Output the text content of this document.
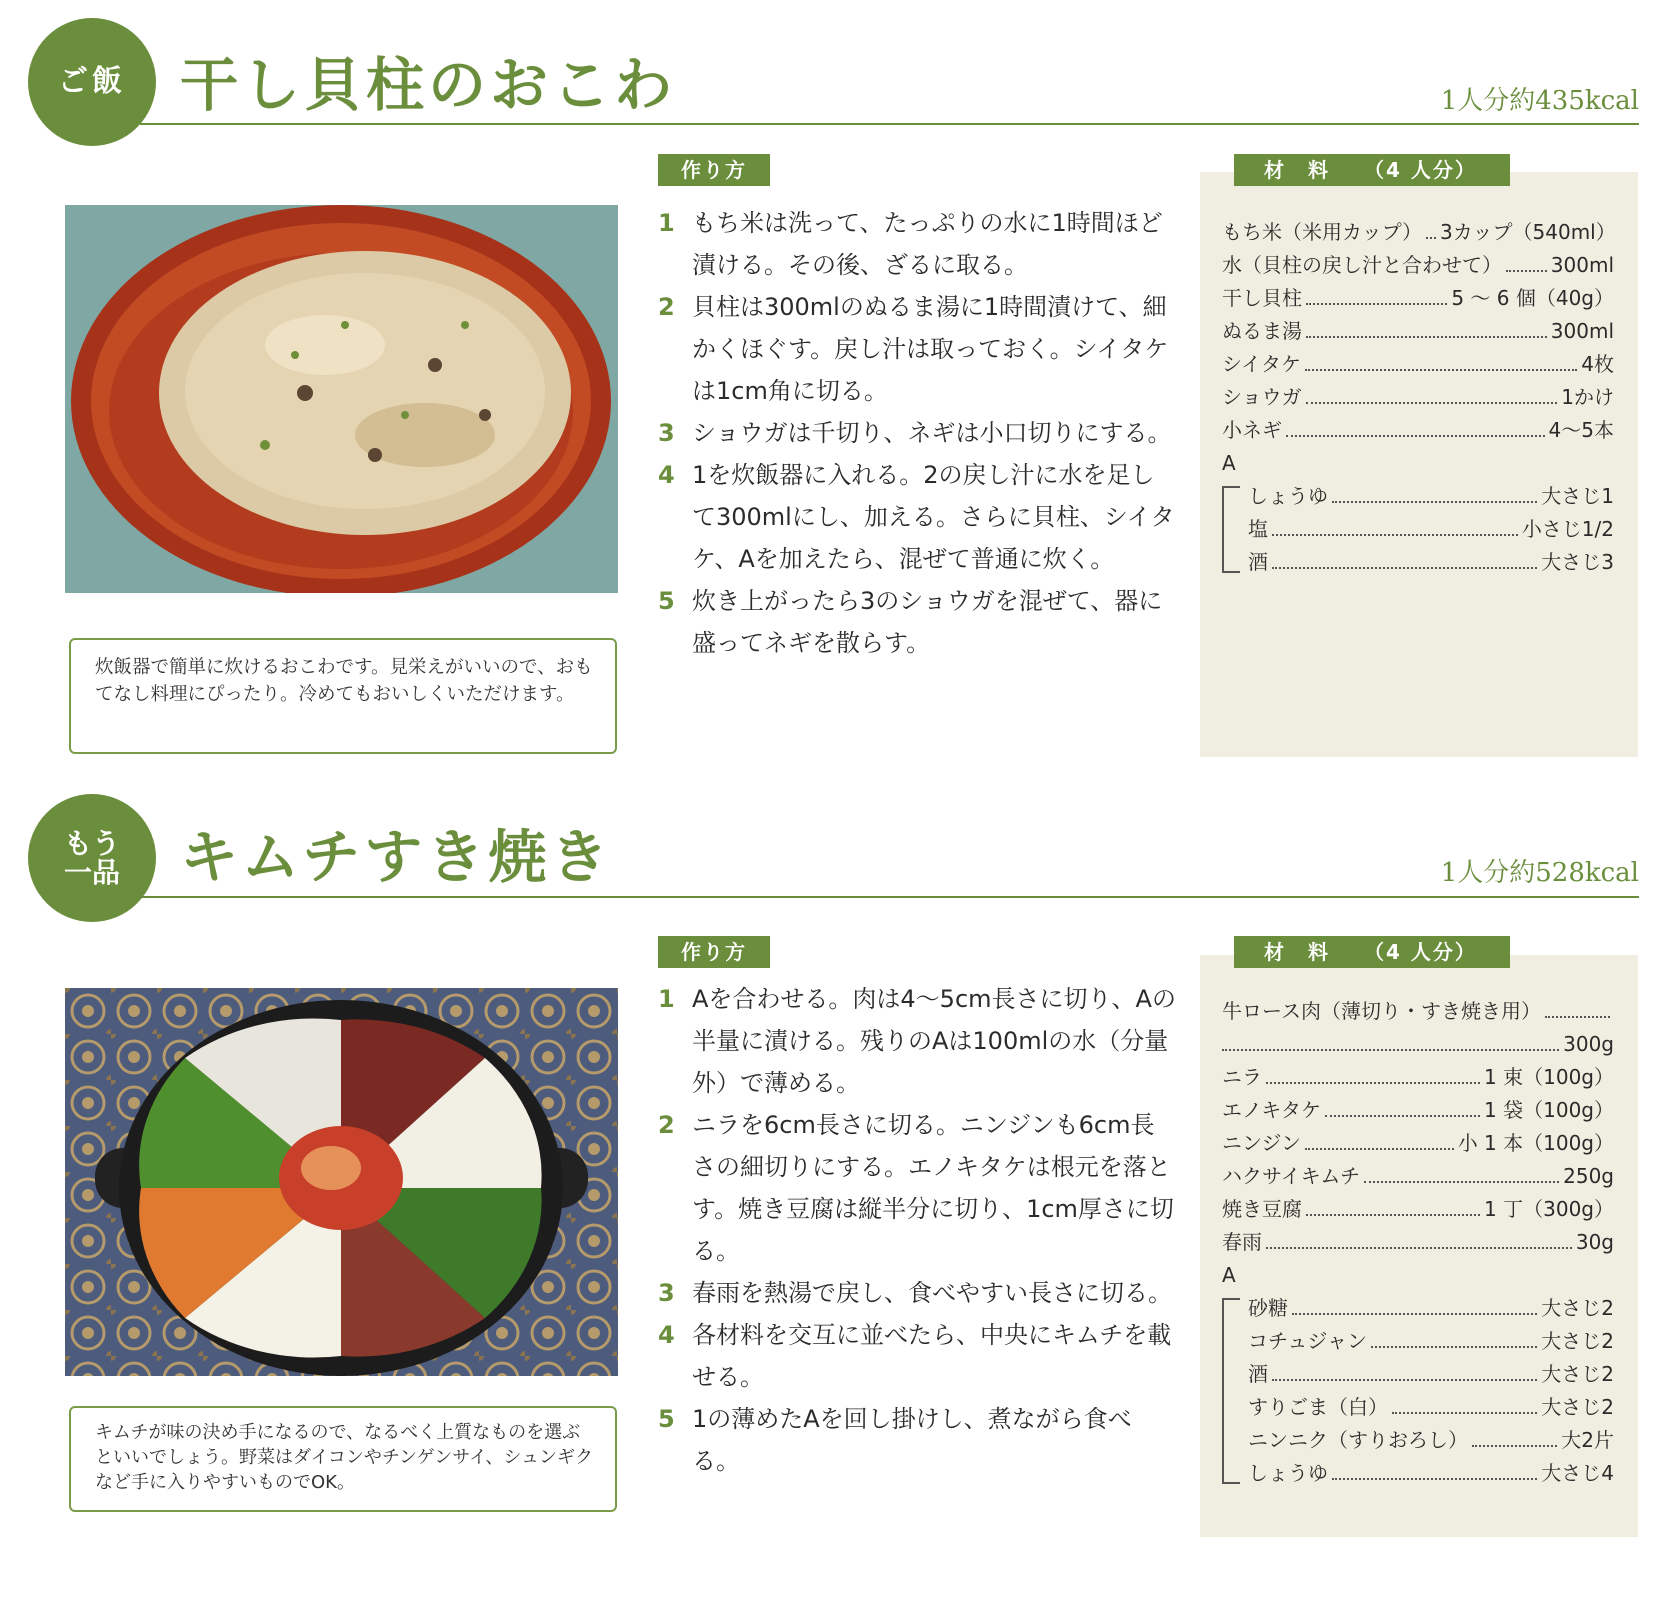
ご飯 干し貝柱のおこわ	1人分約435kcal
炊飯器で簡単に炊けるおこわです。見栄えがいいので、おもてなし料理にぴったり。冷めてもおいしくいただけます。
作り方
1 もち米は洗って、たっぷりの水に1時間ほど漬ける。その後、ざるに取る。
2 貝柱は300mlのぬるま湯に1時間漬けて、細かくほぐす。戻し汁は取っておく。シイタケは1cm角に切る。
3 ショウガは千切り、ネギは小口切りにする。
4 1を炊飯器に入れる。2の戻し汁に水を足して300mlにし、加える。さらに貝柱、シイタケ、Aを加えたら、混ぜて普通に炊く。
5 炊き上がったら3のショウガを混ぜて、器に盛ってネギを散らす。
材　料　　（4 人分）
もち米（米用カップ） 3カップ（540ml）
水（貝柱の戻し汁と合わせて） 300ml
干し貝柱	5 ～ 6 個（40g）
ぬるま湯	300ml
シイタケ	4枚
ショウガ	1かけ
小ネギ	4～5本
A
しょうゆ	大さじ1
塩	小さじ1/2
酒	大さじ3
もう
一品 キムチすき焼き	1人分約528kcal
キムチが味の決め手になるので、なるべく上質なものを選ぶといいでしょう。野菜はダイコンやチンゲンサイ、シュンギクなど手に入りやすいものでOK。
作り方
1 Aを合わせる。肉は4～5cm長さに切り、Aの半量に漬ける。残りのAは100mlの水（分量外）で薄める。
2 ニラを6cm長さに切る。ニンジンも6cm長さの細切りにする。エノキタケは根元を落とす。焼き豆腐は縦半分に切り、1cm厚さに切る。
3 春雨を熱湯で戻し、食べやすい長さに切る。
4 各材料を交互に並べたら、中央にキムチを載せる。
5 1の薄めたAを回し掛けし、煮ながら食べる。
材　料　　（4 人分）
牛ロース肉（薄切り・すき焼き用）
300g
ニラ	1 束（100g）
エノキタケ	1 袋（100g）
ニンジン	小 1 本（100g）
ハクサイキムチ	250g
焼き豆腐	1 丁（300g）
春雨	30g
A
砂糖	大さじ2
コチュジャン	大さじ2
酒	大さじ2
すりごま（白）	大さじ2
ニンニク（すりおろし）	大2片
しょうゆ	大さじ4
